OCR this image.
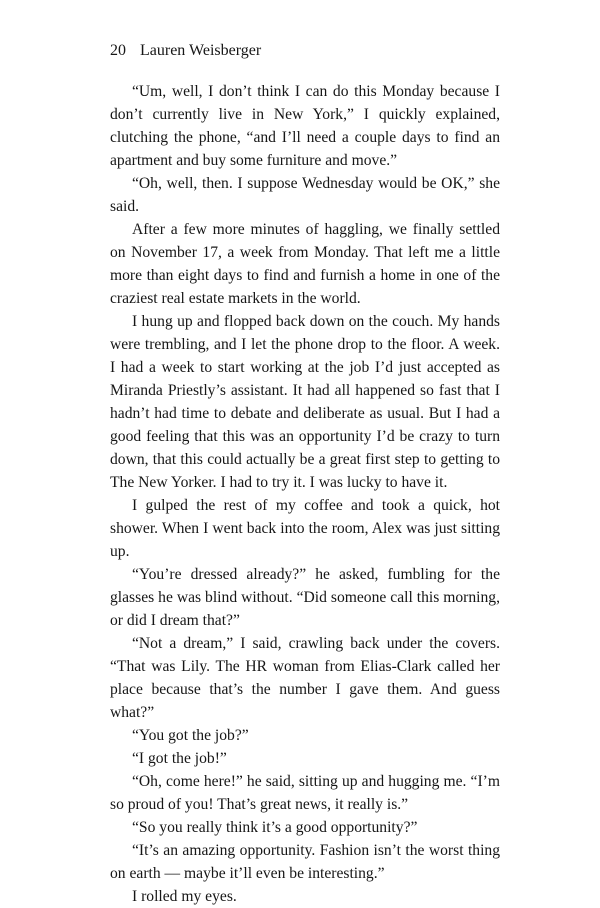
20 Lauren Weisberger

“Um, well, I don’t think I can do this Monday because I don’t currently live in New York,” I quickly explained, clutching the phone, “and I’ll need a couple days to find an apartment and buy some furniture and move.”

“Oh, well, then. I suppose Wednesday would be OK,” she said.

After a few more minutes of haggling, we finally settled on November 17, a week from Monday. That left me a little more than eight days to find and furnish a home in one of the craziest real estate markets in the world.

I hung up and flopped back down on the couch. My hands were trembling, and I let the phone drop to the floor. A week. I had a week to start working at the job I’d just accepted as Miranda Priestly’s assistant. It had all happened so fast that I hadn’t had time to debate and deliberate as usual. But I had a good feeling that this was an opportunity I’d be crazy to turn down, that this could actually be a great first step to getting to The New Yorker. I had to try it. I was lucky to have it.

I gulped the rest of my coffee and took a quick, hot shower. When I went back into the room, Alex was just sitting up.

“You’re dressed already?” he asked, fumbling for the glasses he was blind without. “Did someone call this morning, or did I dream that?”

“Not a dream,” I said, crawling back under the covers. “That was Lily. The HR woman from Elias-Clark called her place because that’s the number I gave them. And guess what?”

“You got the job?”

“I got the job!”

“Oh, come here!” he said, sitting up and hugging me. “I’m so proud of you! That’s great news, it really is.”

“So you really think it’s a good opportunity?”

“It’s an amazing opportunity. Fashion isn’t the worst thing on earth — maybe it’ll even be interesting.”

I rolled my eyes.
